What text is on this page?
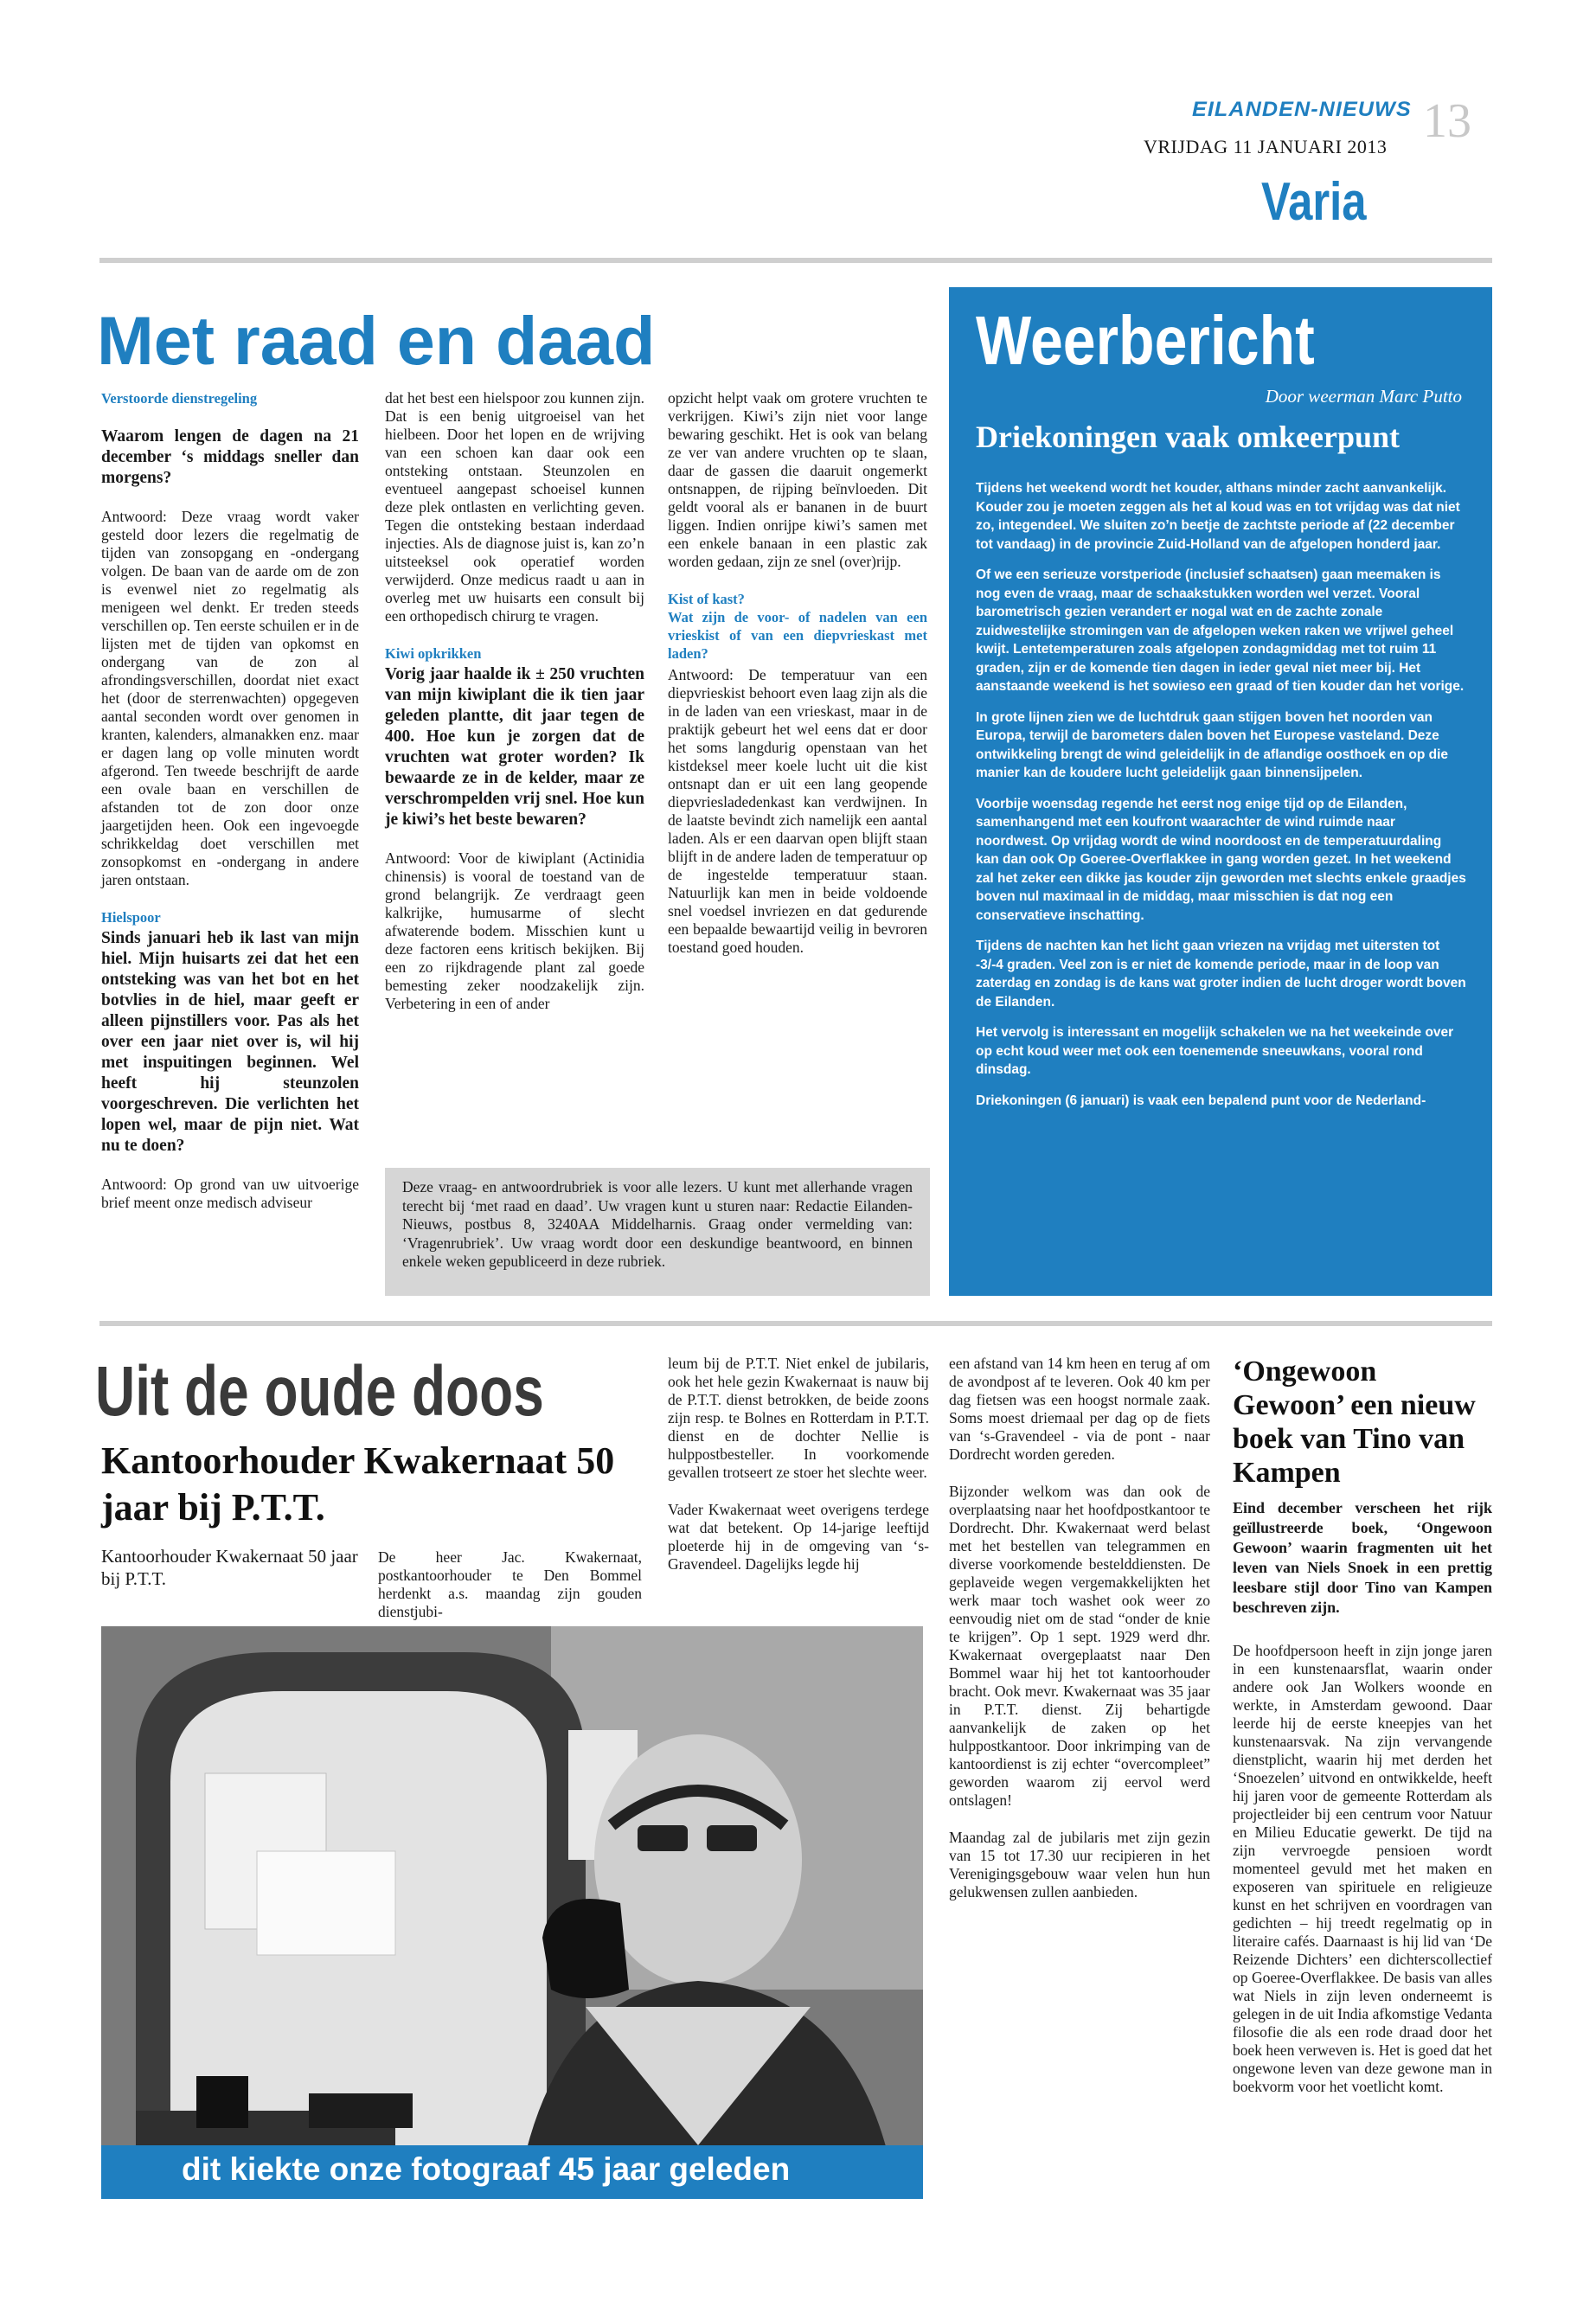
EILANDEN-NIEUWS
VRIJDAG 11 JANUARI 2013 13
Varia
Met raad en daad

Verstoorde dienstregeling

Waarom lengen de dagen na 21 december ‘s middags sneller dan morgens?

Antwoord: Deze vraag wordt vaker gesteld door lezers die regelmatig de tijden van zonsopgang en -ondergang volgen. De baan van de aarde om de zon is evenwel niet zo regelmatig als menigeen wel denkt. Er treden steeds verschillen op. Ten eerste schuilen er in de lijsten met de tijden van opkomst en ondergang van de zon al afrondingsverschillen, doordat niet exact het (door de sterrenwachten) opgegeven aantal seconden wordt over genomen in kranten, kalenders, almanakken enz. maar er dagen lang op volle minuten wordt afgerond. Ten tweede beschrijft de aarde een ovale baan en verschillen de afstanden tot de zon door onze jaargetijden heen. Ook een ingevoegde schrikkeldag doet verschillen met zonsopkomst en -ondergang in andere jaren ontstaan.

Hielspoor

Sinds januari heb ik last van mijn hiel. Mijn huisarts zei dat het een ontsteking was van het bot en het botvlies in de hiel, maar geeft er alleen pijnstillers voor. Pas als het over een jaar niet over is, wil hij met inspuitingen beginnen. Wel heeft hij steunzolen voorgeschreven. Die verlichten het lopen wel, maar de pijn niet. Wat nu te doen?

Antwoord: Op grond van uw uitvoerige brief meent onze medisch adviseur

dat het best een hielspoor zou kunnen zijn. Dat is een benig uitgroeisel van het hielbeen. Door het lopen en de wrijving van een schoen kan daar ook een ontsteking ontstaan. Steunzolen en eventueel aangepast schoeisel kunnen deze plek ontlasten en verlichting geven. Tegen die ontsteking bestaan inderdaad injecties. Als de diagnose juist is, kan zo’n uitsteeksel ook operatief worden verwijderd. Onze medicus raadt u aan in overleg met uw huisarts een consult bij een orthopedisch chirurg te vragen.

Kiwi opkrikken

Vorig jaar haalde ik ± 250 vruchten van mijn kiwiplant die ik tien jaar geleden plantte, dit jaar tegen de 400. Hoe kun je zorgen dat de vruchten wat groter worden? Ik bewaarde ze in de kelder, maar ze verschrompelden vrij snel. Hoe kun je kiwi’s het beste bewaren?

Antwoord: Voor de kiwiplant (Actinidia chinensis) is vooral de toestand van de grond belangrijk. Ze verdraagt geen kalkrijke, humusarme of slecht afwaterende bodem. Misschien kunt u deze factoren eens kritisch bekijken. Bij een zo rijkdragende plant zal goede bemesting zeker noodzakelijk zijn. Verbetering in een of ander

opzicht helpt vaak om grotere vruchten te verkrijgen. Kiwi’s zijn niet voor lange bewaring geschikt. Het is ook van belang ze ver van andere vruchten op te slaan, daar de gassen die daaruit ongemerkt ontsnappen, de rijping beïnvloeden. Dit geldt vooral als er bananen in de buurt liggen. Indien onrijpe kiwi’s samen met een enkele banaan in een plastic zak worden gedaan, zijn ze snel (over)rijp.

Kist of kast?

Wat zijn de voor- of nadelen van een vrieskist of van een diepvrieskast met laden?

Antwoord: De temperatuur van een diepvrieskist behoort even laag zijn als die in de laden van een vrieskast, maar in de praktijk gebeurt het wel eens dat er door het soms langdurig openstaan van het kistdeksel meer koele lucht uit die kist ontsnapt dan er uit een lang geopende diepvriesladedenkast kan verdwijnen. In de laatste bevindt zich namelijk een aantal laden. Als er een daarvan open blijft staan blijft in de andere laden de temperatuur op de ingestelde temperatuur staan. Natuurlijk kan men in beide voldoende snel voedsel invriezen en dat gedurende een bepaalde bewaartijd veilig in bevroren toestand goed houden.

Deze vraag- en antwoordrubriek is voor alle lezers. U kunt met allerhande vragen terecht bij ‘met raad en daad’. Uw vragen kunt u sturen naar: Redactie Eilanden-Nieuws, postbus 8, 3240AA Middelharnis. Graag onder vermelding van: ‘Vragenrubriek’. Uw vraag wordt door een deskundige beantwoord, en binnen enkele weken gepubliceerd in deze rubriek.
Weerbericht
Door weerman Marc Putto
Driekoningen vaak omkeerpunt

Tijdens het weekend wordt het kouder, althans minder zacht aanvankelijk. Kouder zou je moeten zeggen als het al koud was en tot vrijdag was dat niet zo, integendeel. We sluiten zo’n beetje de zachtste periode af (22 december tot vandaag) in de provincie Zuid-Holland van de afgelopen honderd jaar.

Of we een serieuze vorstperiode (inclusief schaatsen) gaan meemaken is nog even de vraag, maar de schaakstukken worden wel verzet. Vooral barometrisch gezien verandert er nogal wat en de zachte zonale zuidwestelijke stromingen van de afgelopen weken raken we vrijwel geheel kwijt. Lentetemperaturen zoals afgelopen zondagmiddag met tot ruim 11 graden, zijn er de komende tien dagen in ieder geval niet meer bij. Het aanstaande weekend is het sowieso een graad of tien kouder dan het vorige.

In grote lijnen zien we de luchtdruk gaan stijgen boven het noorden van Europa, terwijl de barometers dalen boven het Europese vasteland. Deze ontwikkeling brengt de wind geleidelijk in de aflandige oosthoek en op die manier kan de koudere lucht geleidelijk gaan binnensijpelen.

Voorbije woensdag regende het eerst nog enige tijd op de Eilanden, samenhangend met een koufront waarachter de wind ruimde naar noordwest. Op vrijdag wordt de wind noordoost en de temperatuurdaling kan dan ook Op Goeree-Overflakkee in gang worden gezet. In het weekend zal het zeker een dikke jas kouder zijn geworden met slechts enkele graadjes boven nul maximaal in de middag, maar misschien is dat nog een conservatieve inschatting.

Tijdens de nachten kan het licht gaan vriezen na vrijdag met uitersten tot -3/-4 graden. Veel zon is er niet de komende periode, maar in de loop van zaterdag en zondag is de kans wat groter indien de lucht droger wordt boven de Eilanden.

Het vervolg is interessant en mogelijk schakelen we na het weekeinde over op echt koud weer met ook een toenemende sneeuwkans, vooral rond dinsdag.

Driekoningen (6 januari) is vaak een bepalend punt voor de Nederland-

Uit de oude doos
Kantoorhouder Kwakernaat 50 jaar bij P.T.T.
Kantoorhouder Kwakernaat 50 jaar bij P.T.T.
De heer Jac. Kwakernaat, postkantoorhouder te Den Bommel herdenkt a.s. maandag zijn gouden dienstjubi-

leum bij de P.T.T. Niet enkel de jubilaris, ook het hele gezin Kwakernaat is nauw bij de P.T.T. dienst betrokken, de beide zoons zijn resp. te Bolnes en Rotterdam in P.T.T. dienst en de dochter Nellie is hulppostbesteller. In voorkomende gevallen trotseert ze stoer het slechte weer.

Vader Kwakernaat weet overigens terdege wat dat betekent. Op 14-jarige leeftijd ploeterde hij in de omgeving van ‘s-Gravendeel. Dagelijks legde hij

een afstand van 14 km heen en terug af om de avondpost af te leveren. Ook 40 km per dag fietsen was een hoogst normale zaak. Soms moest driemaal per dag op de fiets van ‘s-Gravendeel - via de pont - naar Dordrecht worden gereden.

Bijzonder welkom was dan ook de overplaatsing naar het hoofdpostkantoor te Dordrecht. Dhr. Kwakernaat werd belast met het bestellen van telegrammen en diverse voorkomende bestelddiensten. De geplaveide wegen vergemakkelijkten het werk maar toch washet ook weer zo eenvoudig niet om de stad “onder de knie te krijgen”. Op 1 sept. 1929 werd dhr. Kwakernaat overgeplaatst naar Den Bommel waar hij het tot kantoorhouder bracht. Ook mevr. Kwakernaat was 35 jaar in P.T.T. dienst. Zij behartigde aanvankelijk de zaken op het hulppostkantoor. Door inkrimping van de kantoordienst is zij echter “overcompleet” geworden waarom zij eervol werd ontslagen!

Maandag zal de jubilaris met zijn gezin van 15 tot 17.30 uur recipieren in het Verenigingsgebouw waar velen hun hun gelukwensen zullen aanbieden.

dit kiekte onze fotograaf 45 jaar geleden
‘Ongewoon Gewoon’ een nieuw boek van Tino van Kampen
Eind december verscheen het rijk geïllustreerde boek, ‘Ongewoon Gewoon’ waarin fragmenten uit het leven van Niels Snoek in een prettig leesbare stijl door Tino van Kampen beschreven zijn.
De hoofdpersoon heeft in zijn jonge jaren in een kunstenaarsflat, waarin onder andere ook Jan Wolkers woonde en werkte, in Amsterdam gewoond. Daar leerde hij de eerste kneepjes van het kunstenaarsvak. Na zijn vervangende dienstplicht, waarin hij met derden het ‘Snoezelen’ uitvond en ontwikkelde, heeft hij jaren voor de gemeente Rotterdam als projectleider bij een centrum voor Natuur en Milieu Educatie gewerkt. De tijd na zijn vervroegde pensioen wordt momenteel gevuld met het maken en exposeren van spirituele en religieuze kunst en het schrijven en voordragen van gedichten – hij treedt regelmatig op in literaire cafés. Daarnaast is hij lid van ‘De Reizende Dichters’ een dichterscollectief op Goeree-Overflakkee. De basis van alles wat Niels in zijn leven onderneemt is gelegen in de uit India afkomstige Vedanta filosofie die als een rode draad door het boek heen verweven is. Het is goed dat het ongewone leven van deze gewone man in boekvorm voor het voetlicht komt.
